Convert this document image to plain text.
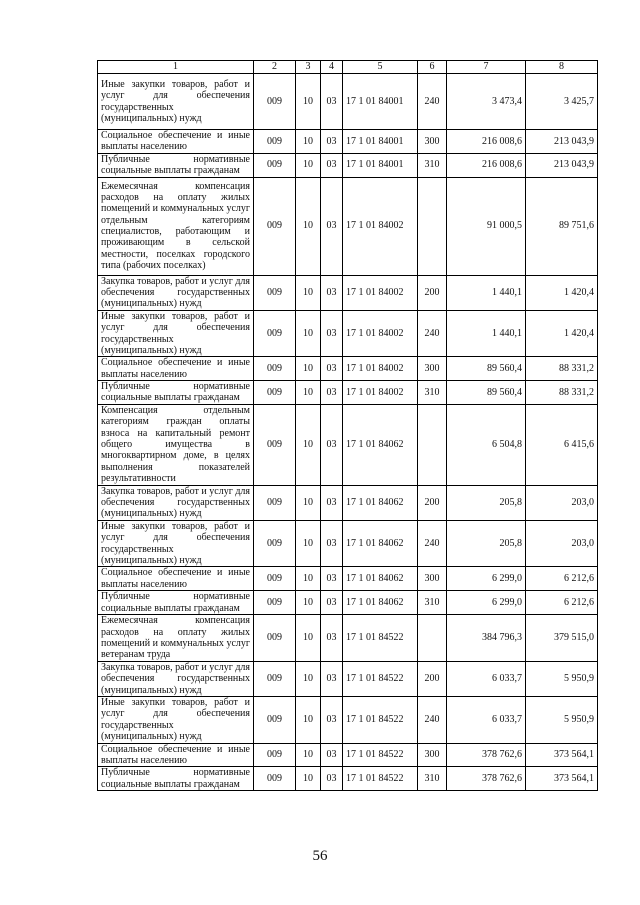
1	2	3	4	5	6	7	8
Иные закупки товаров, работ и услуг для обеспечения государственных (муниципальных) нужд	009	10	03	17 1 01 84001	240	3 473,4	3 425,7
Социальное обеспечение и иные выплаты населению	009	10	03	17 1 01 84001	300	216 008,6	213 043,9
Публичные нормативные социальные выплаты гражданам	009	10	03	17 1 01 84001	310	216 008,6	213 043,9
Ежемесячная компенсация расходов на оплату жилых помещений и коммунальных услуг отдельным категориям специалистов, работающим и проживающим в сельской местности, поселках городского типа (рабочих поселках)	009	10	03	17 1 01 84002		91 000,5	89 751,6
Закупка товаров, работ и услуг для обеспечения государственных (муниципальных) нужд	009	10	03	17 1 01 84002	200	1 440,1	1 420,4
Иные закупки товаров, работ и услуг для обеспечения государственных (муниципальных) нужд	009	10	03	17 1 01 84002	240	1 440,1	1 420,4
Социальное обеспечение и иные выплаты населению	009	10	03	17 1 01 84002	300	89 560,4	88 331,2
Публичные нормативные социальные выплаты гражданам	009	10	03	17 1 01 84002	310	89 560,4	88 331,2
Компенсация отдельным категориям граждан оплаты взноса на капитальный ремонт общего имущества в многоквартирном доме, в целях выполнения показателей результативности	009	10	03	17 1 01 84062		6 504,8	6 415,6
Закупка товаров, работ и услуг для обеспечения государственных (муниципальных) нужд	009	10	03	17 1 01 84062	200	205,8	203,0
Иные закупки товаров, работ и услуг для обеспечения государственных (муниципальных) нужд	009	10	03	17 1 01 84062	240	205,8	203,0
Социальное обеспечение и иные выплаты населению	009	10	03	17 1 01 84062	300	6 299,0	6 212,6
Публичные нормативные социальные выплаты гражданам	009	10	03	17 1 01 84062	310	6 299,0	6 212,6
Ежемесячная компенсация расходов на оплату жилых помещений и коммунальных услуг ветеранам труда	009	10	03	17 1 01 84522		384 796,3	379 515,0
Закупка товаров, работ и услуг для обеспечения государственных (муниципальных) нужд	009	10	03	17 1 01 84522	200	6 033,7	5 950,9
Иные закупки товаров, работ и услуг для обеспечения государственных (муниципальных) нужд	009	10	03	17 1 01 84522	240	6 033,7	5 950,9
Социальное обеспечение и иные выплаты населению	009	10	03	17 1 01 84522	300	378 762,6	373 564,1
Публичные нормативные социальные выплаты гражданам	009	10	03	17 1 01 84522	310	378 762,6	373 564,1
56
